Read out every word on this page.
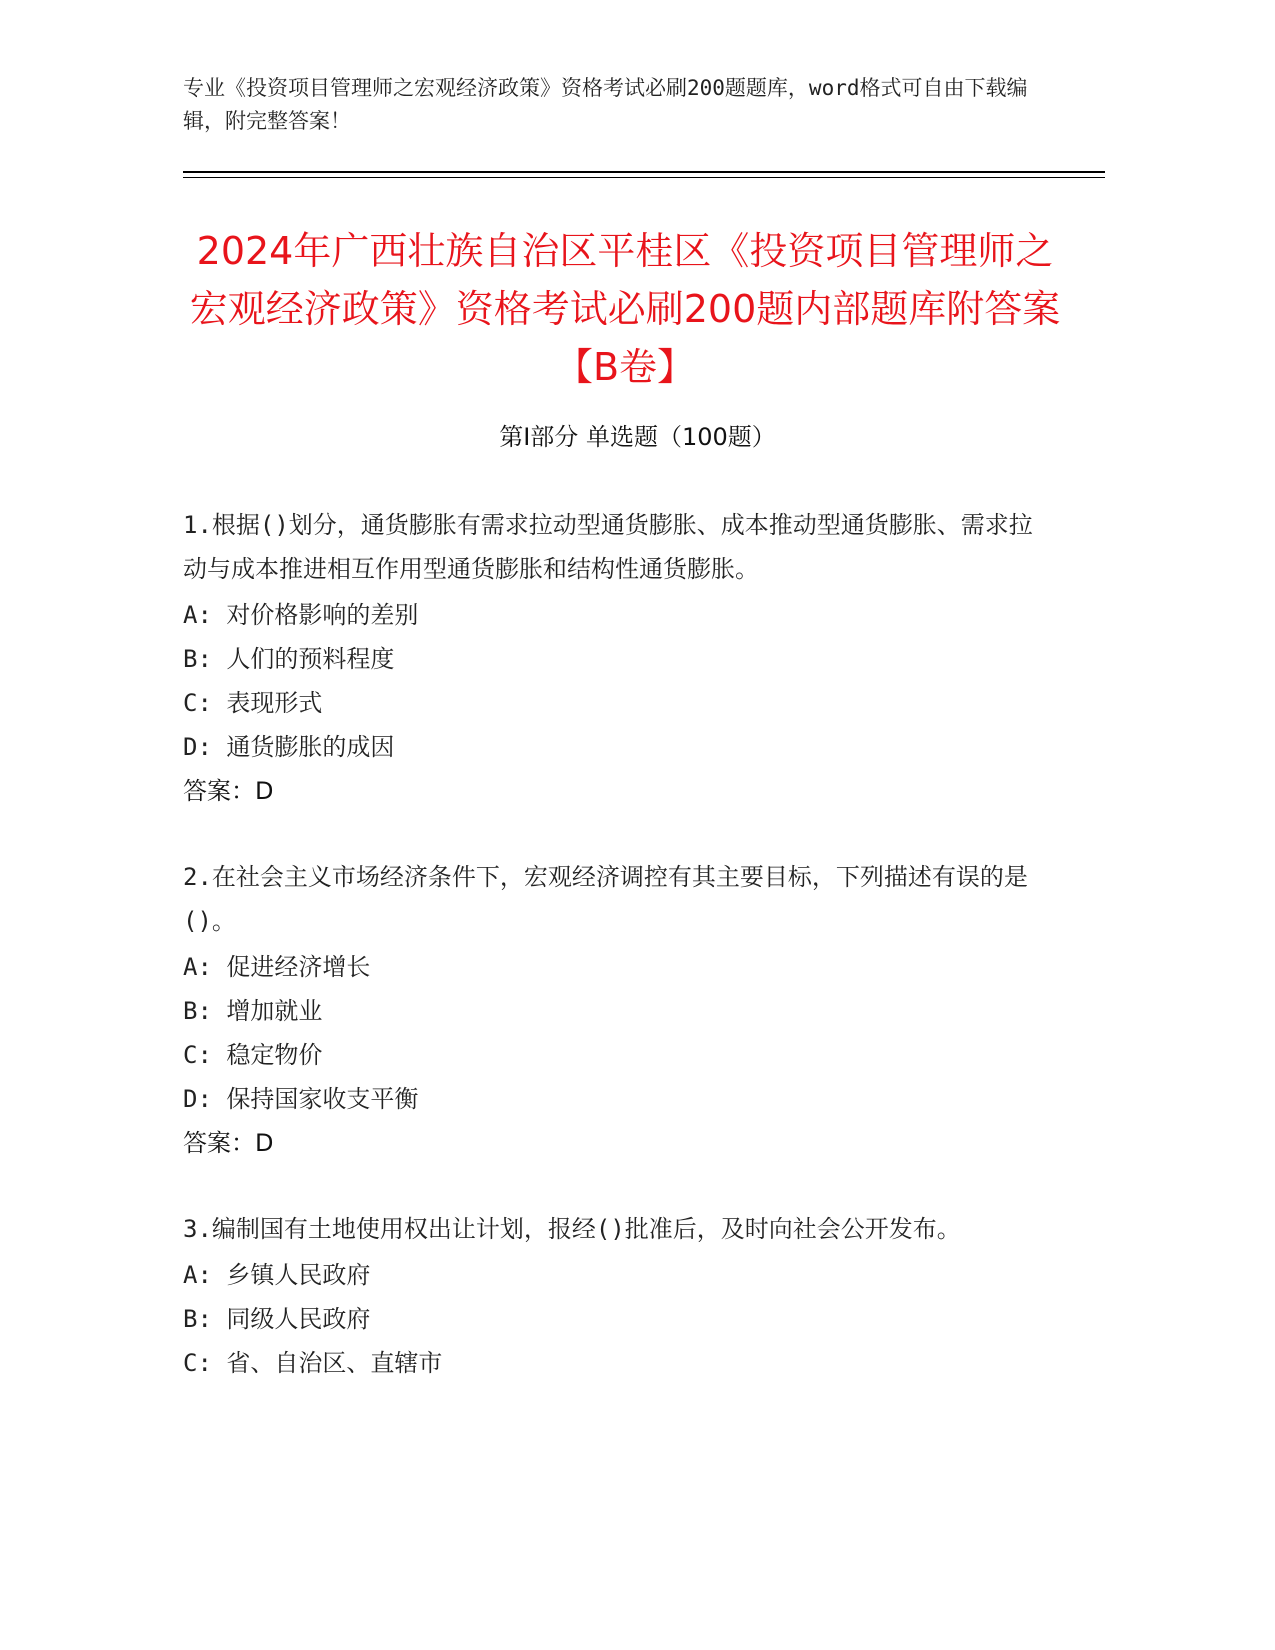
专业《投资项目管理师之宏观经济政策》资格考试必刷200题题库，word格式可自由下载编辑，附完整答案！
2024年广西壮族自治区平桂区《投资项目管理师之宏观经济政策》资格考试必刷200题内部题库附答案【B卷】
第Ⅰ部分 单选题（100题）
1.根据()划分，通货膨胀有需求拉动型通货膨胀、成本推动型通货膨胀、需求拉动与成本推进相互作用型通货膨胀和结构性通货膨胀。
A: 对价格影响的差别
B: 人们的预料程度
C: 表现形式
D: 通货膨胀的成因
答案：D
2.在社会主义市场经济条件下，宏观经济调控有其主要目标，下列描述有误的是()。
A: 促进经济增长
B: 增加就业
C: 稳定物价
D: 保持国家收支平衡
答案：D
3.编制国有土地使用权出让计划，报经()批准后，及时向社会公开发布。
A: 乡镇人民政府
B: 同级人民政府
C: 省、自治区、直辖市
